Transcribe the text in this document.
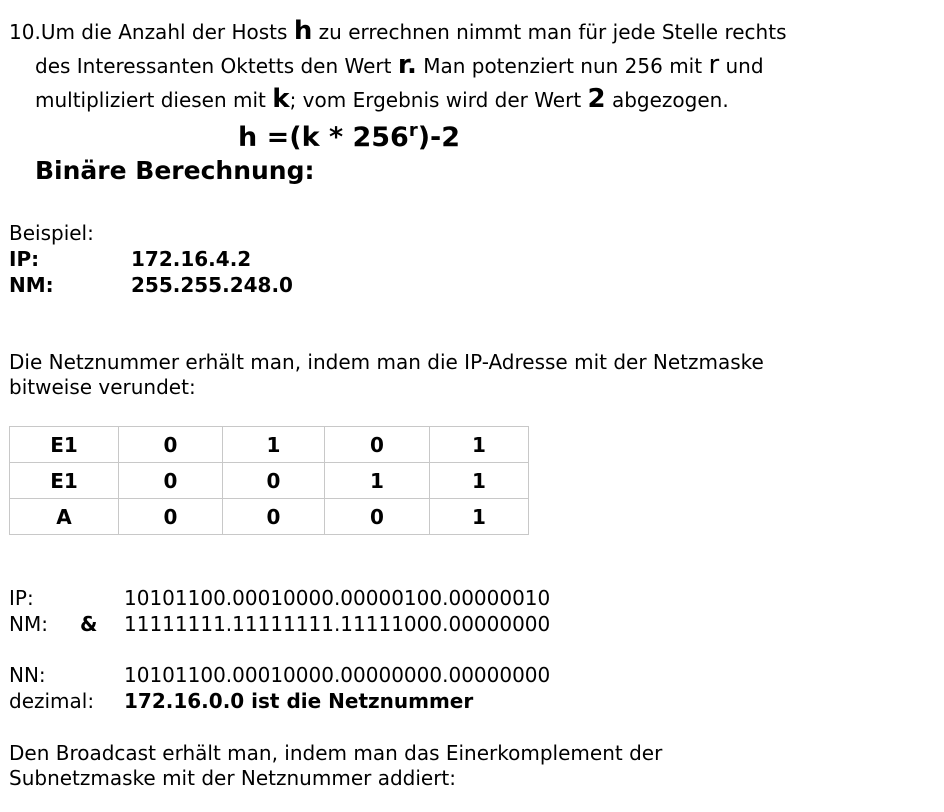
10.Um die Anzahl der Hosts h zu errechnen nimmt man für jede Stelle rechts
des Interessanten Oktetts den Wert r. Man potenziert nun 256 mit r und
multipliziert diesen mit k; vom Ergebnis wird der Wert 2 abgezogen.
h =(k * 256$^r$)-2
Binäre Berechnung:
Beispiel:
IP:	172.16.4.2
NM:	255.255.248.0
Die Netznummer erhält man, indem man die IP-Adresse mit der Netzmaske
bitweise verundet:
E1	0	1	0	1
E1	0	0	1	1
A	0	0	0	1
IP:	10101100.00010000.00000100.00000010
NM: & 11111111.11111111.11111000.00000000
NN:	10101100.00010000.00000000.00000000
dezimal: 172.16.0.0 ist die Netznummer
Den Broadcast erhält man, indem man das Einerkomplement der
Subnetzmaske mit der Netznummer addiert:
